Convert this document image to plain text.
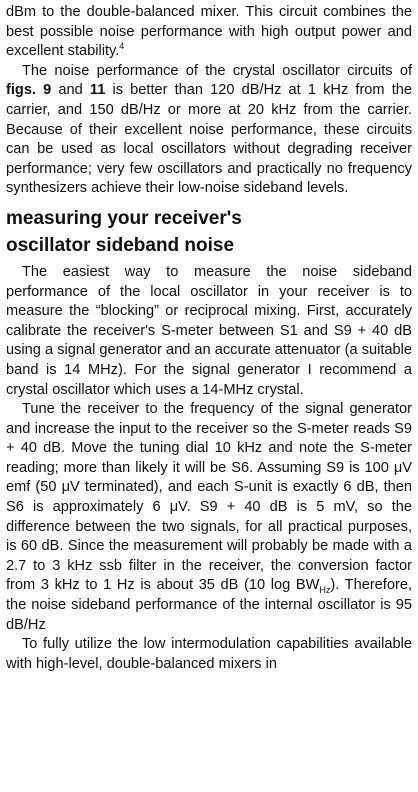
dBm to the double-balanced mixer. This circuit combines the best possible noise performance with high output power and excellent stability.$^4$

The noise performance of the crystal oscillator circuits of figs. 9 and 11 is better than 120 dB/Hz at 1 kHz from the carrier, and 150 dB/Hz or more at 20 kHz from the carrier. Because of their excellent noise performance, these circuits can be used as local oscillators without degrading receiver performance; very few oscillators and practically no frequency synthesizers achieve their low-noise sideband levels.

measuring your receiver's
oscillator sideband noise

The easiest way to measure the noise sideband performance of the local oscillator in your receiver is to measure the “blocking” or reciprocal mixing. First, accurately calibrate the receiver's S-meter between S1 and S9 + 40 dB using a signal generator and an accurate attenuator (a suitable band is 14 MHz). For the signal generator I recommend a crystal oscillator which uses a 14-MHz crystal.

Tune the receiver to the frequency of the signal generator and increase the input to the receiver so the S-meter reads S9 + 40 dB. Move the tuning dial 10 kHz and note the S-meter reading; more than likely it will be S6. Assuming S9 is 100 μV emf (50 μV terminated), and each S-unit is exactly 6 dB, then S6 is approximately 6 μV. S9 + 40 dB is 5 mV, so the difference between the two signals, for all practical purposes, is 60 dB. Since the measurement will probably be made with a 2.7 to 3 kHz ssb filter in the receiver, the conversion factor from 3 kHz to 1 Hz is about 35 dB (10 $\log BW_{Hz}$). Therefore, the noise sideband performance of the internal oscillator is 95 dB/Hz

To fully utilize the low intermodulation capabilities available with high-level, double-balanced mixers in
